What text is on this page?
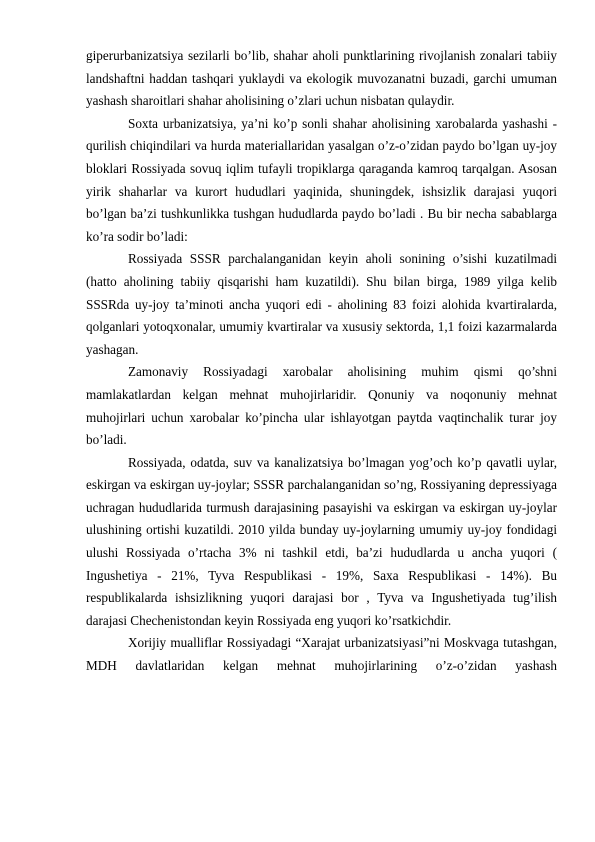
giperurbanizatsiya sezilarli bo’lib, shahar aholi punktlarining rivojlanish zonalari tabiiy landshaftni haddan tashqari yuklaydi va ekologik muvozanatni buzadi, garchi umuman yashash sharoitlari shahar aholisining o’zlari uchun nisbatan qulaydir.

Soxta urbanizatsiya, ya’ni ko’p sonli shahar aholisining xarobalarda yashashi - qurilish chiqindilari va hurda materiallaridan yasalgan o’z-o’zidan paydo bo’lgan uy-joy bloklari Rossiyada sovuq iqlim tufayli tropiklarga qaraganda kamroq tarqalgan. Asosan yirik shaharlar va kurort hududlari yaqinida, shuningdek, ishsizlik darajasi yuqori bo’lgan ba’zi tushkunlikka tushgan hududlarda paydo bo’ladi . Bu bir necha sabablarga ko’ra sodir bo’ladi:

Rossiyada SSSR parchalanganidan keyin aholi sonining o’sishi kuzatilmadi (hatto aholining tabiiy qisqarishi ham kuzatildi). Shu bilan birga, 1989 yilga kelib SSSRda uy-joy ta’minoti ancha yuqori edi - aholining 83 foizi alohida kvartiralarda, qolganlari yotoqxonalar, umumiy kvartiralar va xususiy sektorda, 1,1 foizi kazarmalarda yashagan.

Zamonaviy Rossiyadagi xarobalar aholisining muhim qismi qo’shni mamlakatlardan kelgan mehnat muhojirlaridir. Qonuniy va noqonuniy mehnat muhojirlari uchun xarobalar ko’pincha ular ishlayotgan paytda vaqtinchalik turar joy bo’ladi.

Rossiyada, odatda, suv va kanalizatsiya bo’lmagan yog’och ko’p qavatli uylar, eskirgan va eskirgan uy-joylar; SSSR parchalanganidan so’ng, Rossiyaning depressiyaga uchragan hududlarida turmush darajasining pasayishi va eskirgan va eskirgan uy-joylar ulushining ortishi kuzatildi. 2010 yilda bunday uy-joylarning umumiy uy-joy fondidagi ulushi Rossiyada o’rtacha 3% ni tashkil etdi, ba’zi hududlarda u ancha yuqori ( Ingushetiya - 21%, Tyva Respublikasi - 19%, Saxa Respublikasi - 14%). Bu respublikalarda ishsizlikning yuqori darajasi bor , Tyva va Ingushetiyada tug’ilish darajasi Chechenistondan keyin Rossiyada eng yuqori ko’rsatkichdir.

Xorijiy mualliflar Rossiyadagi “Xarajat urbanizatsiyasi”ni Moskvaga tutashgan, MDH davlatlaridan kelgan mehnat muhojirlarining o’z-o’zidan yashash
